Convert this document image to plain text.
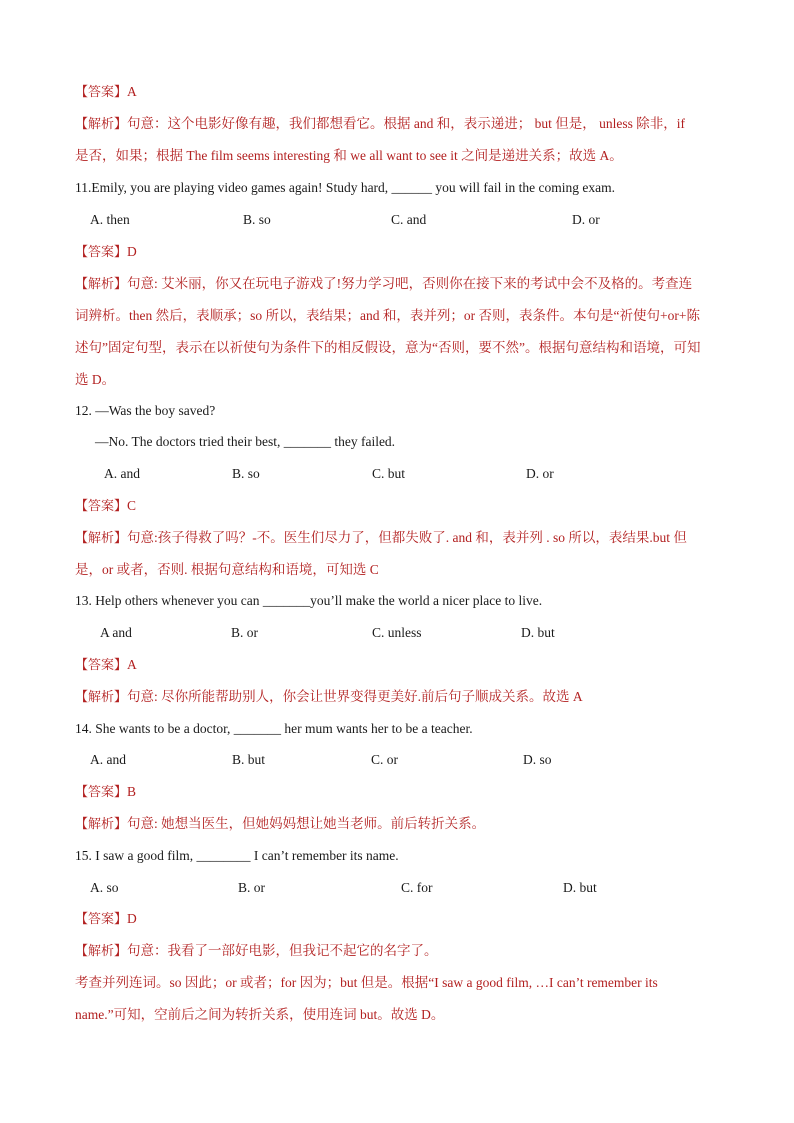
【答案】A
【解析】句意：这个电影好像有趣，我们都想看它。根据 and 和，表示递进； but 但是， unless 除非，if
是否，如果；根据 The film seems interesting 和 we all want to see it 之间是递进关系；故选 A。
11.Emily, you are playing video games again! Study hard, ______ you will fail in the coming exam.
A. then	B. so	C. and	D. or
【答案】D
【解析】句意: 艾米丽，你又在玩电子游戏了!努力学习吧，否则你在接下来的考试中会不及格的。考查连
词辨析。then 然后，表顺承；so 所以，表结果；and 和，表并列；or 否则，表条件。本句是“祈使句+or+陈
述句”固定句型，表示在以祈使句为条件下的相反假设，意为“否则，要不然”。根据句意结构和语境，可知
选 D。
12. —Was the boy saved?
—No. The doctors tried their best, _______ they failed.
A. and	B. so	C. but	D. or
【答案】C
【解析】句意:孩子得救了吗？-不。医生们尽力了，但都失败了. and 和，表并列 . so 所以，表结果.but 但
是，or 或者，否则. 根据句意结构和语境，可知选 C
13. Help others whenever you can _______you’ll make the world a nicer place to live.
A and	B. or	C. unless	D. but
【答案】A
【解析】句意: 尽你所能帮助别人，你会让世界变得更美好.前后句子顺成关系。故选 A
14. She wants to be a doctor, _______ her mum wants her to be a teacher.
A. and	B. but	C. or	D. so
【答案】B
【解析】句意: 她想当医生，但她妈妈想让她当老师。前后转折关系。
15. I saw a good film, ________ I can’t remember its name.
A. so	B. or	C. for	D. but
【答案】D
【解析】句意：我看了一部好电影，但我记不起它的名字了。
考查并列连词。so 因此；or 或者；for 因为；but 但是。根据“I saw a good film, …I can’t remember its
name.”可知，空前后之间为转折关系，使用连词 but。故选 D。
